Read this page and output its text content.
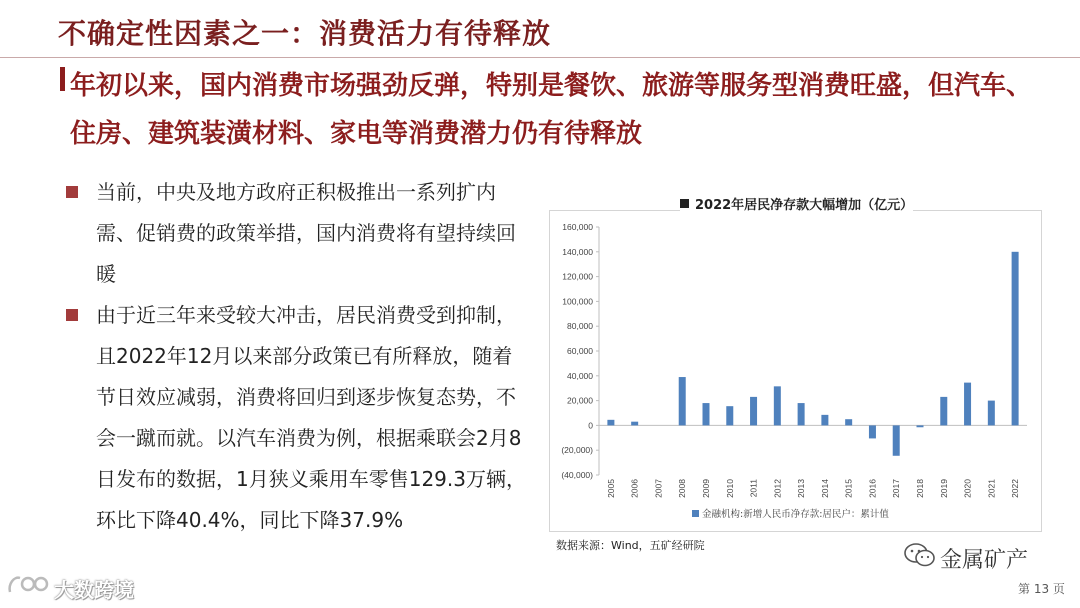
不确定性因素之一：消费活力有待释放
年初以来，国内消费市场强劲反弹，特别是餐饮、旅游等服务型消费旺盛，但汽车、住房、建筑装潢材料、家电等消费潜力仍有待释放
当前，中央及地方政府正积极推出一系列扩内需、促销费的政策举措，国内消费将有望持续回暖
由于近三年来受较大冲击，居民消费受到抑制，且2022年12月以来部分政策已有所释放，随着节日效应减弱，消费将回归到逐步恢复态势，不会一蹴而就。以汽车消费为例，根据乘联会2月8日发布的数据，1月狭义乘用车零售129.3万辆，环比下降40.4%，同比下降37.9%
160,000
140,000
120,000
100,000
80,000
60,000
40,000
20,000
0
(20,000)
(40,000)
2005 2006 2007 2008 2009 2010 2011 2012 2013 2014 2015 2016 2017 2018 2019 2020 2021 2022
金融机构:新增人民币净存款:居民户：累计值
2022年居民净存款大幅增加（亿元）
数据来源：Wind，五矿经研院
金属矿产
大数跨境	第 13 页
